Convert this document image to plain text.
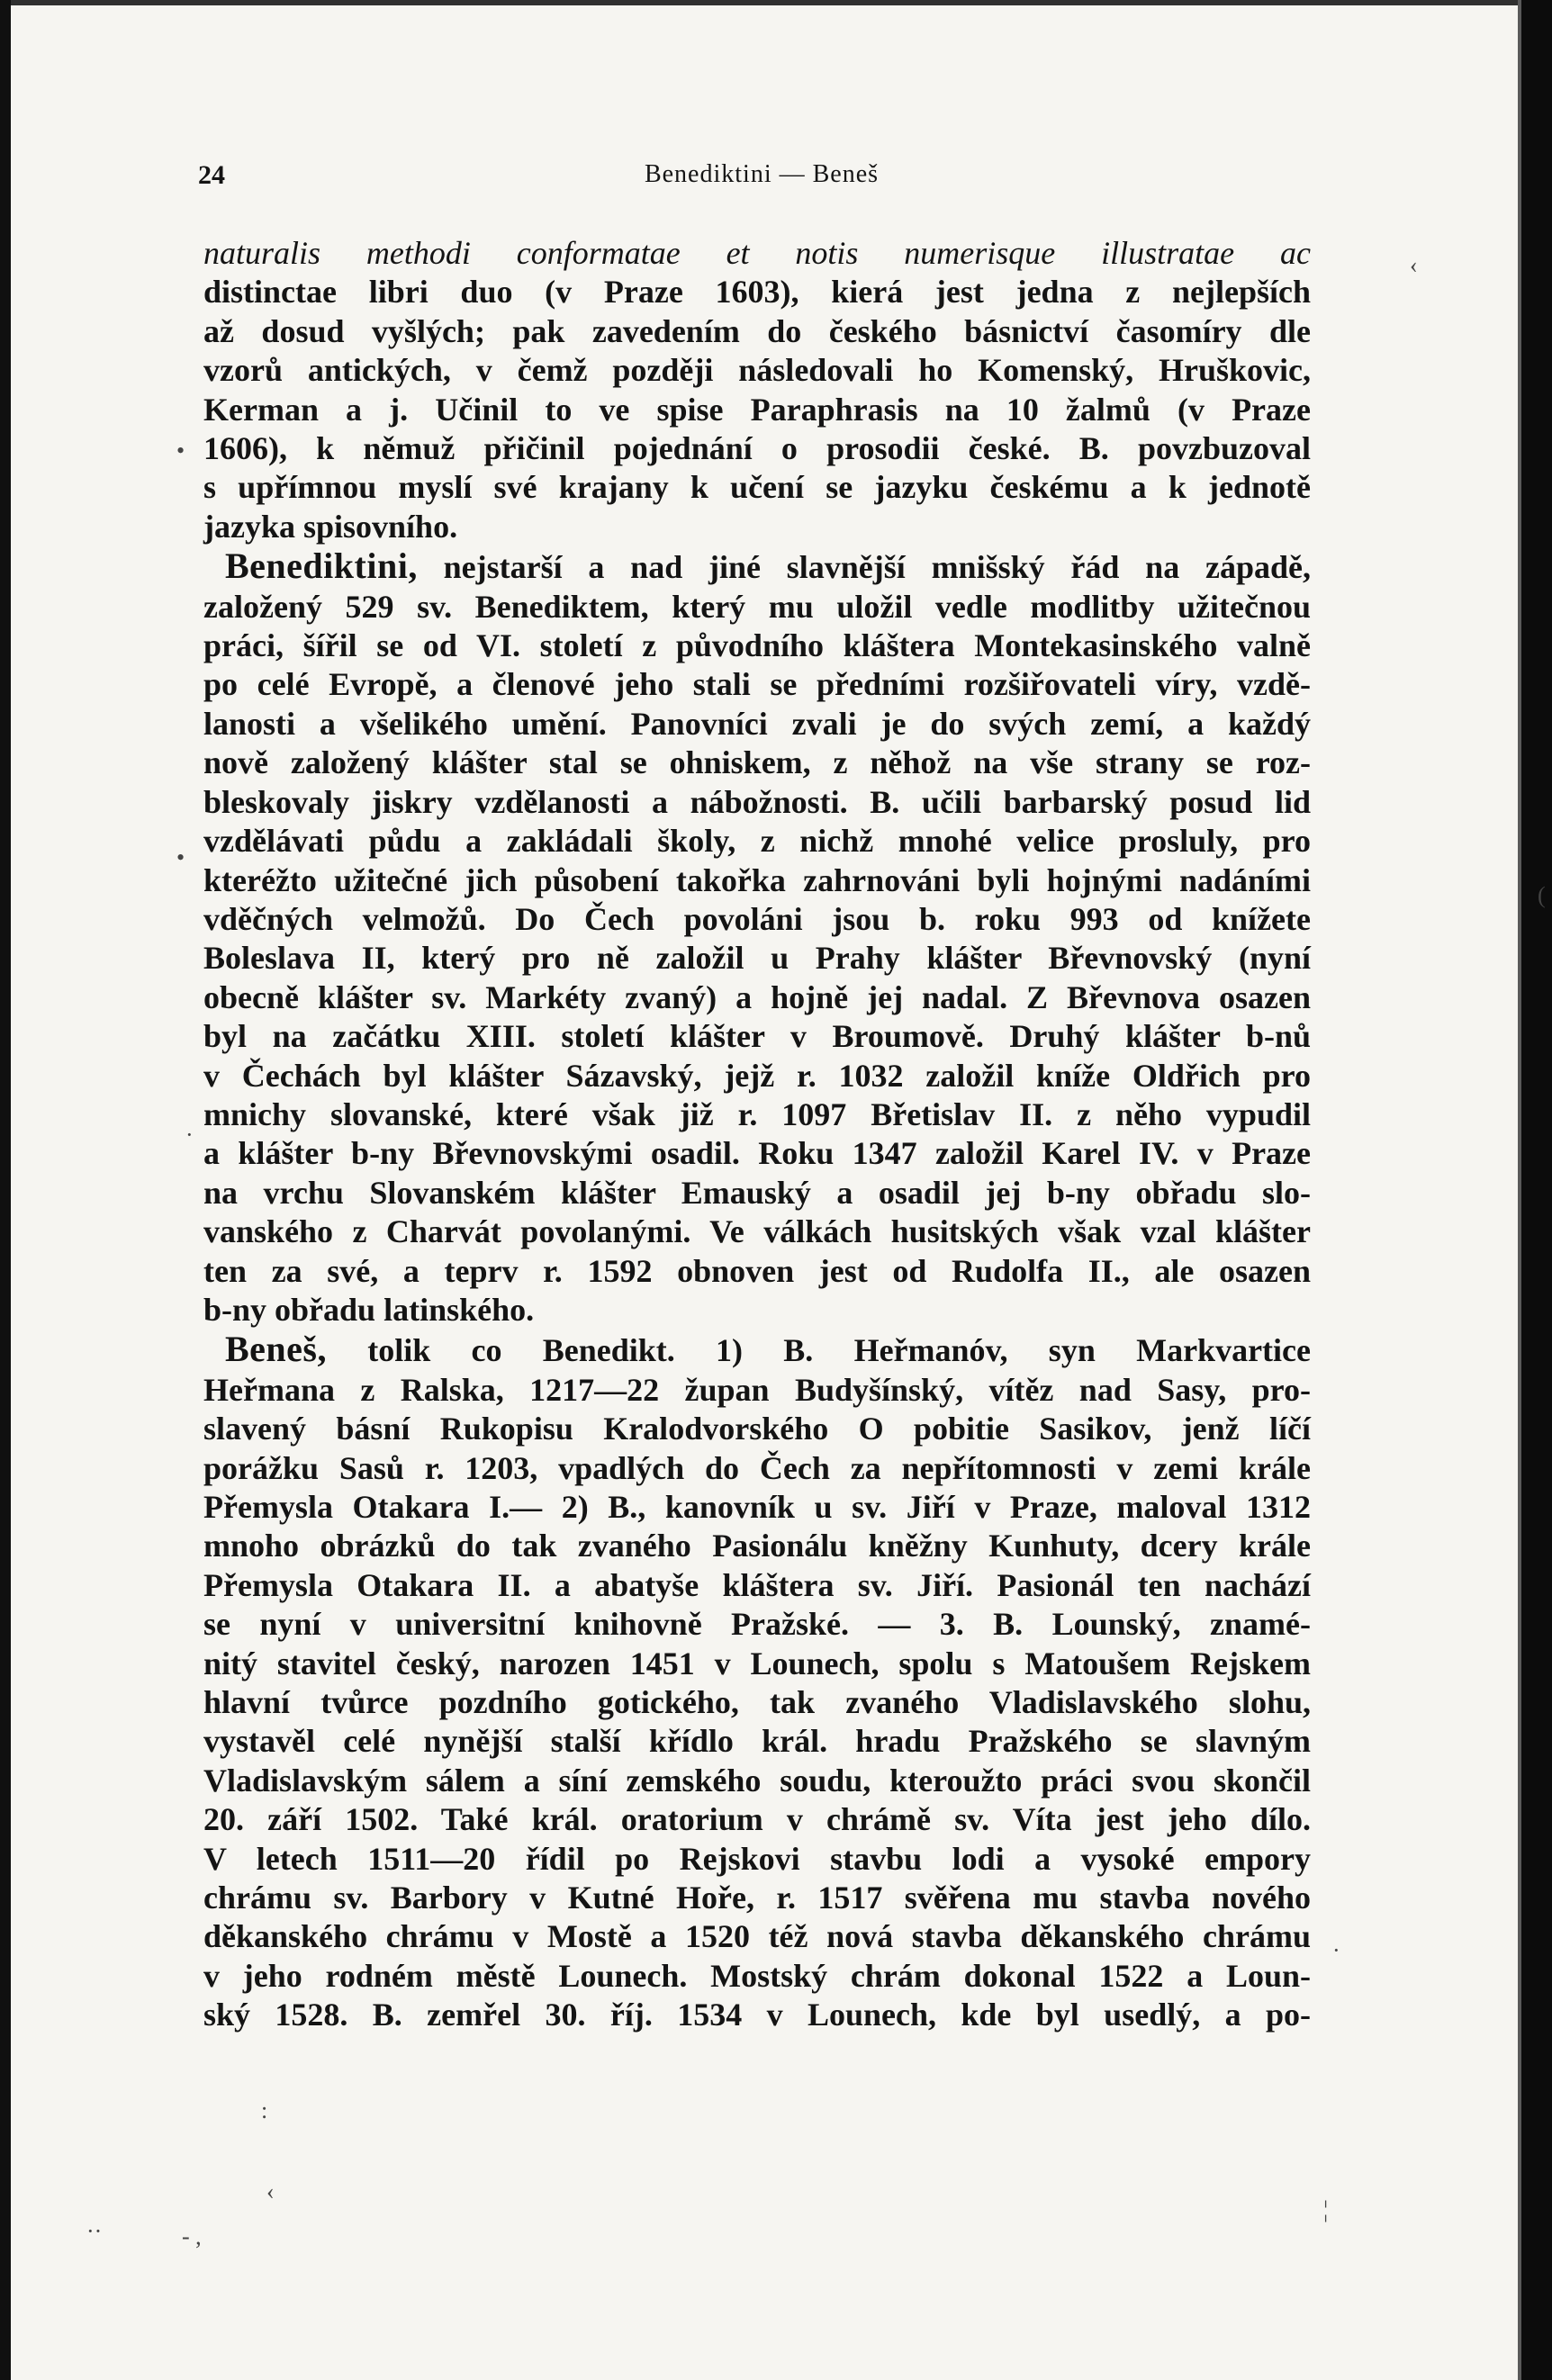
24	Benediktini — Beneš

naturalis methodi conformatae et notis numerisque illustratae ac
distinctae libri duo (v Praze 1603), kierá jest jedna z nejlepších
až dosud vyšlých; pak zavedením do českého básnictví časomíry dle
vzorů antických, v čemž později následovali ho Komenský, Hruškovic,
Kerman a j. Učinil to ve spise Paraphrasis na 10 žalmů (v Praze
1606), k němuž přičinil pojednání o prosodii české. B. povzbuzoval
s upřímnou myslí své krajany k učení se jazyku českému a k jednotě
jazyka spisovního.

Benediktini, nejstarší a nad jiné slavnější mnišský řád na západě,
založený 529 sv. Benediktem, který mu uložil vedle modlitby užitečnou
práci, šířil se od VI. století z původního kláštera Montekasinského valně
po celé Evropě, a členové jeho stali se předními rozšiřovateli víry, vzdě-
lanosti a všelikého umění. Panovníci zvali je do svých zemí, a každý
nově založený klášter stal se ohniskem, z něhož na vše strany se roz-
bleskovaly jiskry vzdělanosti a nábožnosti. B. učili barbarský posud lid
vzdělávati půdu a zakládali školy, z nichž mnohé velice prosluly, pro
kteréžto užitečné jich působení takořka zahrnováni byli hojnými nadáními
vděčných velmožů. Do Čech povoláni jsou b. roku 993 od knížete
Boleslava II, který pro ně založil u Prahy klášter Břevnovský (nyní
obecně klášter sv. Markéty zvaný) a hojně jej nadal. Z Břevnova osazen
byl na začátku XIII. století klášter v Broumově. Druhý klášter b-nů
v Čechách byl klášter Sázavský, jejž r. 1032 založil kníže Oldřich pro
mnichy slovanské, které však již r. 1097 Břetislav II. z něho vypudil
a klášter b-ny Břevnovskými osadil. Roku 1347 založil Karel IV. v Praze
na vrchu Slovanském klášter Emauský a osadil jej b-ny obřadu slo-
vanského z Charvát povolanými. Ve válkách husitských však vzal klášter
ten za své, a teprv r. 1592 obnoven jest od Rudolfa II., ale osazen
b-ny obřadu latinského.

Beneš, tolik co Benedikt. 1) B. Heřmanóv, syn Markvartice
Heřmana z Ralska, 1217—22 župan Budyšínský, vítěz nad Sasy, pro-
slavený básní Rukopisu Kralodvorského O pobitie Sasikov, jenž líčí
porážku Sasů r. 1203, vpadlých do Čech za nepřítomnosti v zemi krále
Přemysla Otakara I.— 2) B., kanovník u sv. Jiří v Praze, maloval 1312
mnoho obrázků do tak zvaného Pasionálu kněžny Kunhuty, dcery krále
Přemysla Otakara II. a abatyše kláštera sv. Jiří. Pasionál ten nachází
se nyní v universitní knihovně Pražské. — 3. B. Lounský, znamé-
nitý stavitel český, narozen 1451 v Lounech, spolu s Matoušem Rejskem
hlavní tvůrce pozdního gotického, tak zvaného Vladislavského slohu,
vystavěl celé nynější stalší křídlo král. hradu Pražského se slavným
Vladislavským sálem a síní zemského soudu, kteroužto práci svou skončil
20. září 1502. Také král. oratorium v chrámě sv. Víta jest jeho dílo.
V letech 1511—20 řídil po Rejskovi stavbu lodi a vysoké empory
chrámu sv. Barbory v Kutné Hoře, r. 1517 svěřena mu stavba nového
děkanského chrámu v Mostě a 1520 též nová stavba děkanského chrámu
v jeho rodném městě Lounech. Mostský chrám dokonal 1522 a Loun-
ský 1528. B. zemřel 30. říj. 1534 v Lounech, kde byl usedlý, a po-

‹
•
•
(
·
·
:
‹
¦
··	- ,
